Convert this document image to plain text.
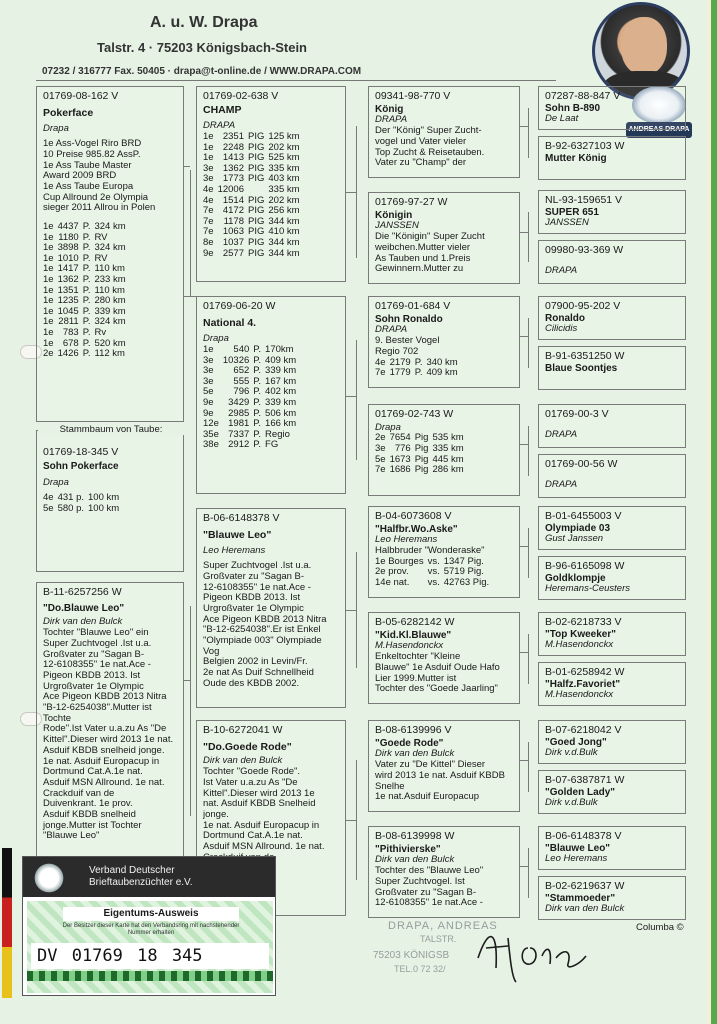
A. u. W. Drapa
Talstr. 4 · 75203 Königsbach-Stein
07232 / 316777 Fax. 50405 · drapa@t-online.de / WWW.DRAPA.COM
ANDREAS DRAPA
01769-08-162 V
Pokerface
Drapa
1e Ass-Vogel Riro BRD
10 Preise 985.82 AssP.
1e Ass Taube Master
Award 2009 BRD
1e Ass Taube Europa
Cup Allround 2e Olympia
sieger 2011 Allrou in Polen
1e	4437	P.	324 km
1e	1180	P.	RV
1e	3898	P.	324 km
1e	1010	P.	RV
1e	1417	P.	110 km
1e	1362	P.	233 km
1e	1351	P.	110 km
1e	1235	P.	280 km
1e	1045	P.	339 km
1e	2811	P.	324 km
1e	783	P.	Rv
1e	678	P.	520 km
2e	1426	P.	112 km
01769-18-345 V
Sohn Pokerface
Drapa
4e	431 p.	100 km
5e	580 p.	100 km
Stammbaum von Taube:
B-11-6257256 W
"Do.Blauwe Leo"
Dirk van den Bulck
Tochter "Blauwe Leo" ein
Super Zuchtvogel .Ist u.a.
Großvater zu "Sagan B-
12-6108355" 1e nat.Ace -
Pigeon KBDB 2013. Ist
Urgroßvater 1e Olympic
Ace Pigeon KBDB 2013 Nitra
"B-12-6254038".Mutter ist
Tochte
Rode".Ist Vater u.a.zu As "De
Kittel".Dieser wird 2013 1e nat.
Asduif KBDB snelheid jonge.
1e nat. Asduif Europacup in
Dortmund Cat.A.1e nat.
Asduif MSN Allround. 1e nat.
Crackduif van de
Duivenkrant. 1e prov.
Asduif KBDB snelheid
jonge.Mutter ist Tochter
"Blauwe Leo"
01769-02-638 V
CHAMP
DRAPA
1e	2351	PIG	125 km
1e	2248	PIG	202 km
1e	1413	PIG	525 km
3e	1362	PIG	335 km
3e	1773	PIG	403 km
4e	12006		335 km
4e	1514	PIG	202 km
7e	4172	PIG	256 km
7e	1178	PIG	344 km
7e	1063	PIG	410 km
8e	1037	PIG	344 km
9e	2577	PIG	344 km
01769-06-20 W
National 4.
Drapa
1e	540	P.	170km
3e	10326	P.	409 km
3e	652	P.	339 km
3e	555	P.	167 km
5e	796	P.	402 km
9e	3429	P.	339 km
9e	2985	P.	506 km
12e	1981	P.	166 km
35e	7337	P.	Regio
38e	2912	P.	FG
B-06-6148378 V
"Blauwe Leo"
Leo Heremans
Super Zuchtvogel .Ist u.a.
Großvater zu "Sagan B-
12-6108355" 1e nat.Ace -
Pigeon KBDB 2013. Ist
Urgroßvater 1e Olympic
Ace Pigeon KBDB 2013 Nitra
"B-12-6254038".Er ist Enkel
"Olympiade 003" Olympiade
Vog
Belgien 2002 in Levin/Fr.
2e nat As Duif Schnellheid
Oude des KBDB 2002.
B-10-6272041 W
"Do.Goede Rode"
Dirk van den Bulck
Tochter "Goede Rode".
Ist Vater u.a.zu As "De
Kittel".Dieser wird 2013 1e
nat. Asduif KBDB Snelheid jonge.
1e nat. Asduif Europacup in
Dortmund Cat.A.1e nat.
Asduif MSN Allround. 1e nat.
09341-98-770 V
König
DRAPA
Der "König" Super Zucht-
vogel und Vater vieler
Top Zucht & Reisetauben.
Vater zu "Champ" der
01769-97-27 W
Königin
JANSSEN
Die "Königin" Super Zucht
weibchen.Mutter vieler
As Tauben und 1.Preis
Gewinnern.Mutter zu
01769-01-684 V
Sohn Ronaldo
DRAPA
9. Bester Vogel
Regio 702
4e	2179	P.	340 km
7e	1779	P.	409 km
01769-02-743 W
Drapa
2e	7654	Pig	535 km
3e	776	Pig	335 km
5e	1673	Pig	445 km
7e	1686	Pig	286 km
B-04-6073608 V
"Halfbr.Wo.Aske"
Leo Heremans
Halbbruder "Wonderaske"
1e Bourges	vs.	1347 Pig.
2e prov.	vs.	5719 Pig.
14e nat.	vs.	42763 Pig.
B-05-6282142 W
"Kid.Kl.Blauwe"
M.Hasendonckx
Enkeltochter "Kleine
Blauwe" 1e Asduif Oude Hafo
Lier 1999.Mutter ist
Tochter des "Goede Jaarling"
B-08-6139996 V
"Goede Rode"
Dirk van den Bulck
Vater zu "De Kittel" Dieser
wird 2013 1e nat. Asduif KBDB
Snelhe
1e nat.Asduif Europacup
B-08-6139998 W
"Pithivierske"
Dirk van den Bulck
Tochter des "Blauwe Leo"
Super Zuchtvogel. Ist
Großvater zu "Sagan B-
12-6108355" 1e nat.Ace -
07287-88-847 V
Sohn B-890
De Laat
B-92-6327103 W
Mutter König
NL-93-159651 V
SUPER 651
JANSSEN
09980-93-369 W
DRAPA
07900-95-202 V
Ronaldo
Cilicidis
B-91-6351250 W
Blaue Soontjes
01769-00-3 V
DRAPA
01769-00-56 W
DRAPA
B-01-6455003 V
Olympiade 03
Gust Janssen
B-96-6165098 W
Goldklompje
Heremans-Ceusters
B-02-6218733 V
"Top Kweeker"
M.Hasendonckx
B-01-6258942 W
"Halfz.Favoriet"
M.Hasendonckx
B-07-6218042 V
"Goed Jong"
Dirk v.d.Bulk
B-07-6387871 W
"Golden Lady"
Dirk v.d.Bulk
B-06-6148378 V
"Blauwe Leo"
Leo Heremans
B-02-6219637 W
"Stammoeder"
Dirk van den Bulck
Verband Deutscher
Brieftaubenzüchter e.V.
Eigentums-Ausweis
Der Besitzer dieser Karte hat den Verbandsring mit nachstehender Nummer erhalten
DV 01769 18 345
DRAPA, ANDREAS
TALSTR.
75203 KÖNIGSB
TEL.0 72 32/
Columba ©
